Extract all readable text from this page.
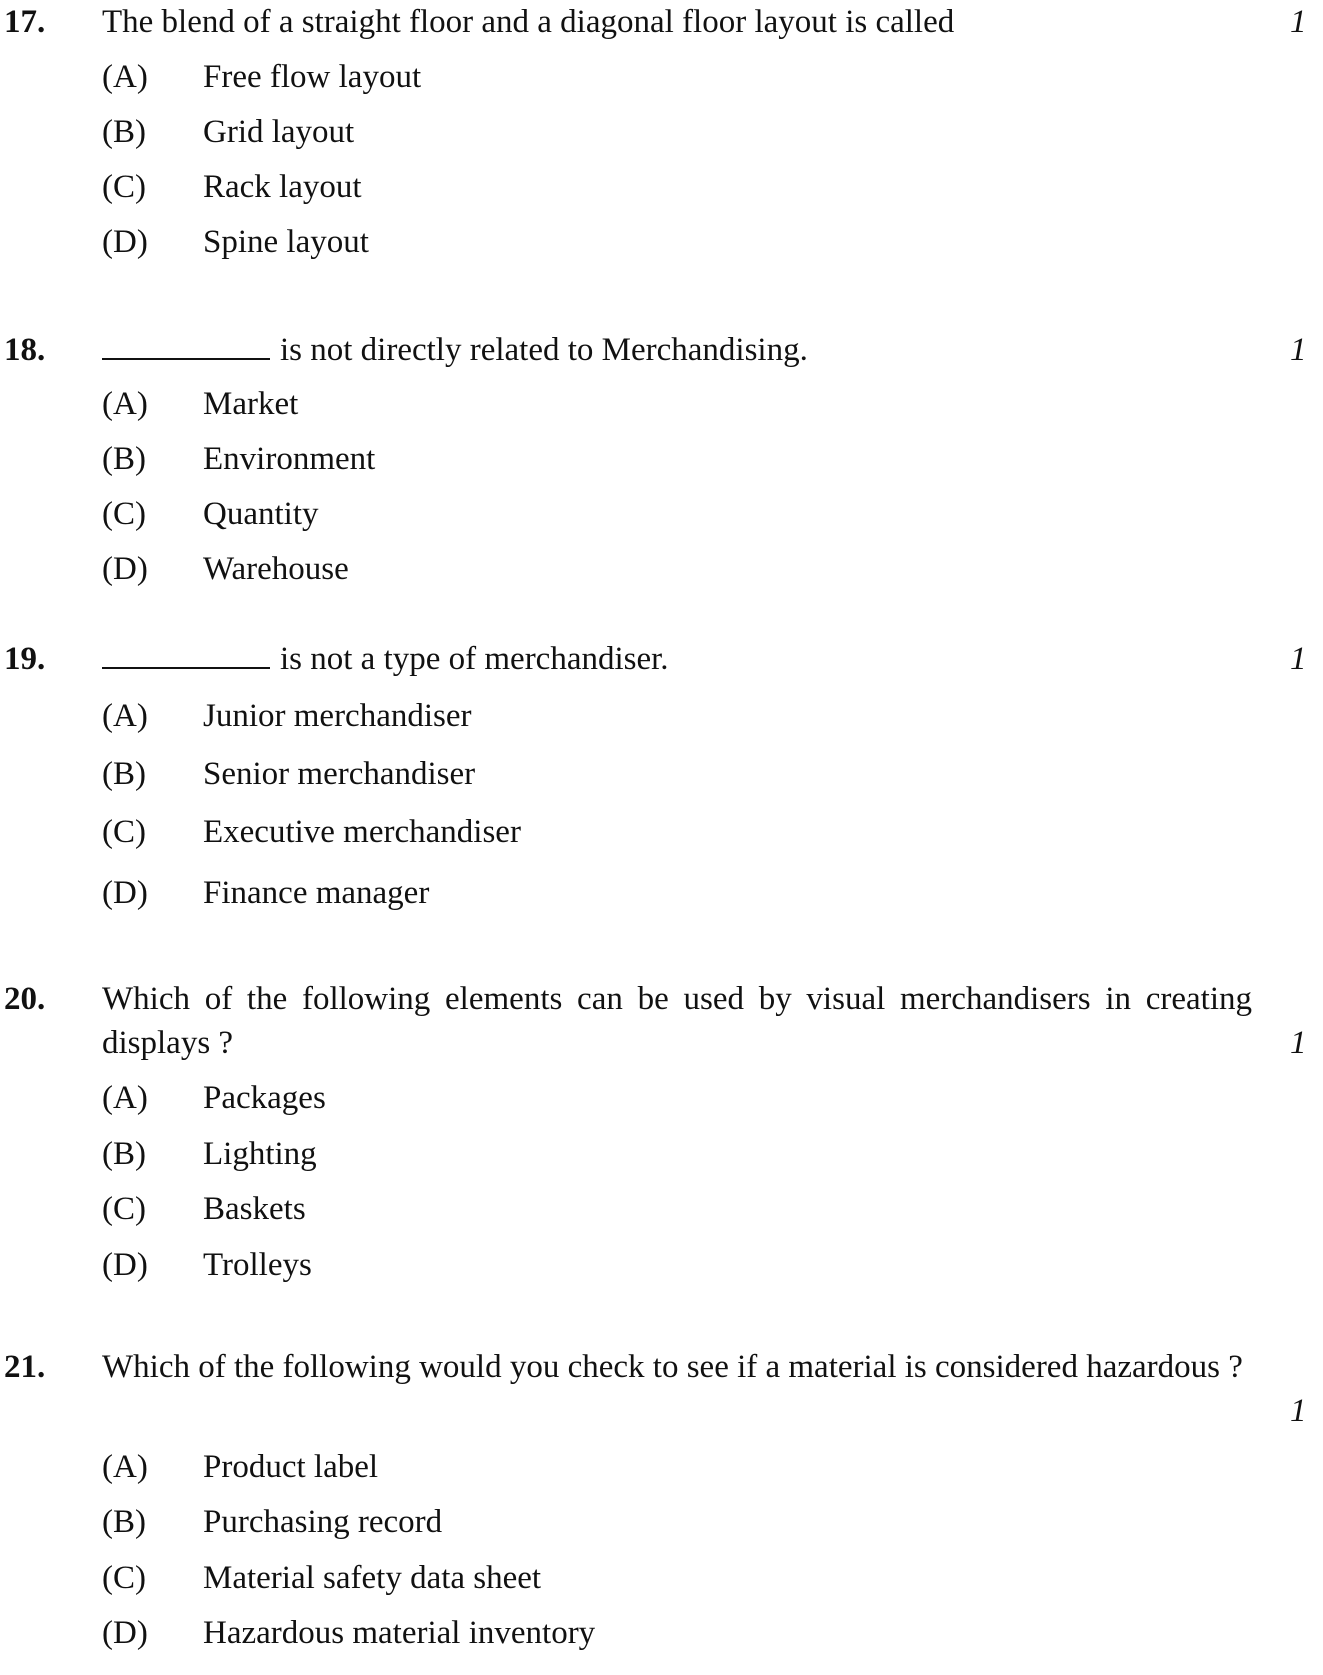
17. The blend of a straight floor and a diagonal floor layout is called	1
(A) Free flow layout
(B) Grid layout
(C) Rack layout
(D) Spine layout
18.	is not directly related to Merchandising.	1
(A) Market
(B) Environment
(C) Quantity
(D) Warehouse
19.	is not a type of merchandiser.	1
(A) Junior merchandiser
(B) Senior merchandiser
(C) Executive merchandiser
(D) Finance manager
20. Which of the following elements can be used by visual merchandisers in creating displays ?	1
(A) Packages
(B) Lighting
(C) Baskets
(D) Trolleys
21. Which of the following would you check to see if a material is considered hazardous ?
1
(A) Product label
(B) Purchasing record
(C) Material safety data sheet
(D) Hazardous material inventory
